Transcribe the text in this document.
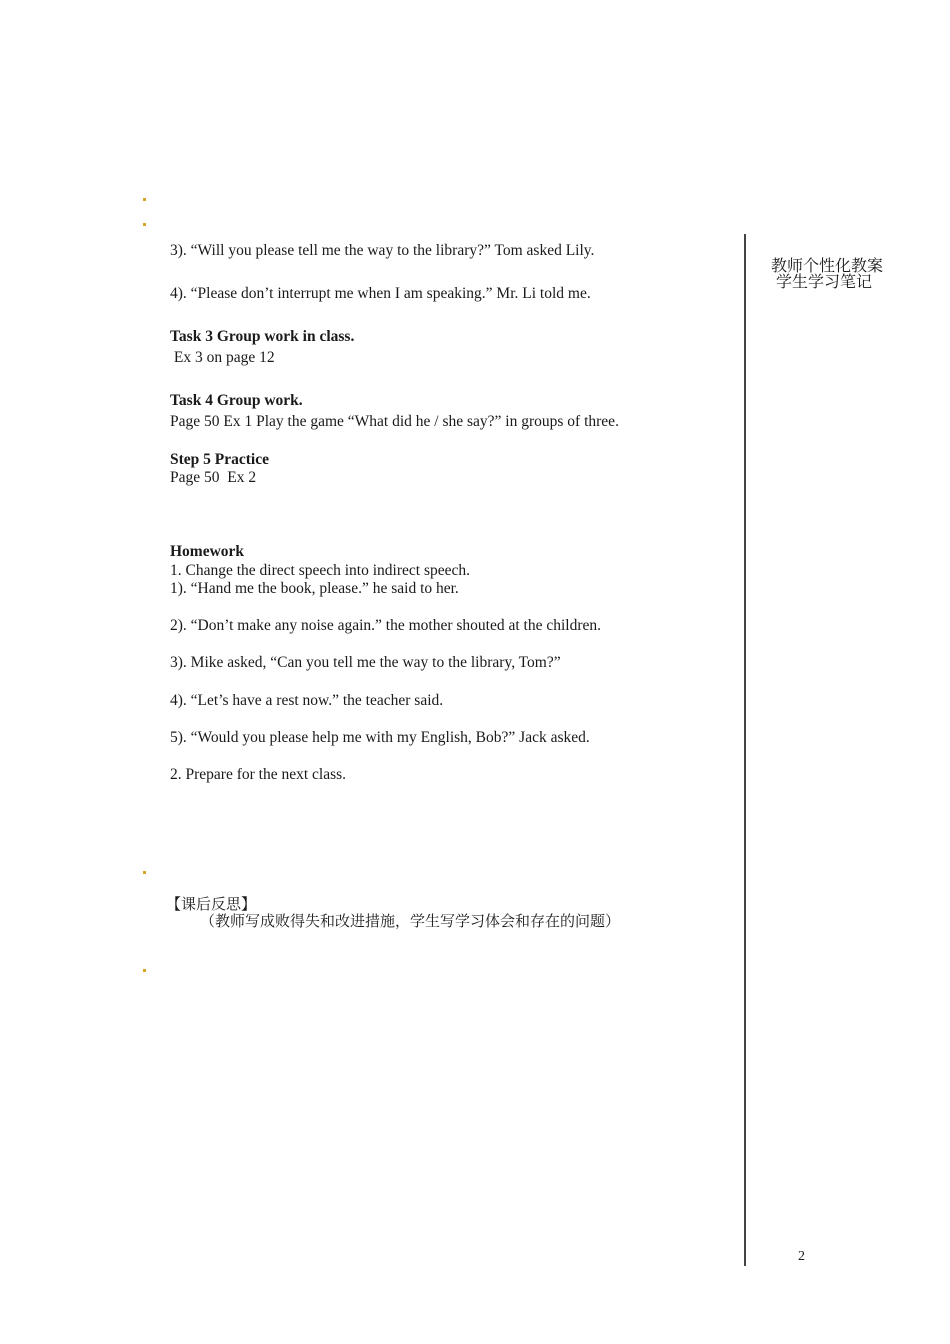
3). “Will you please tell me the way to the library?” Tom asked Lily.
4). “Please don’t interrupt me when I am speaking.” Mr. Li told me.
Task 3 Group work in class.
Ex 3 on page 12
Task 4 Group work.
Page 50 Ex 1 Play the game “What did he / she say?” in groups of three.
Step 5 Practice
Page 50  Ex 2
Homework
1. Change the direct speech into indirect speech.
1). “Hand me the book, please.” he said to her.
2). “Don’t make any noise again.” the mother shouted at the children.
3). Mike asked, “Can you tell me the way to the library, Tom?”
4). “Let’s have a rest now.” the teacher said.
5). “Would you please help me with my English, Bob?” Jack asked.
2. Prepare for the next class.
【课后反思】
（教师写成败得失和改进措施，学生写学习体会和存在的问题）
教师个性化教案
学生学习笔记
2
